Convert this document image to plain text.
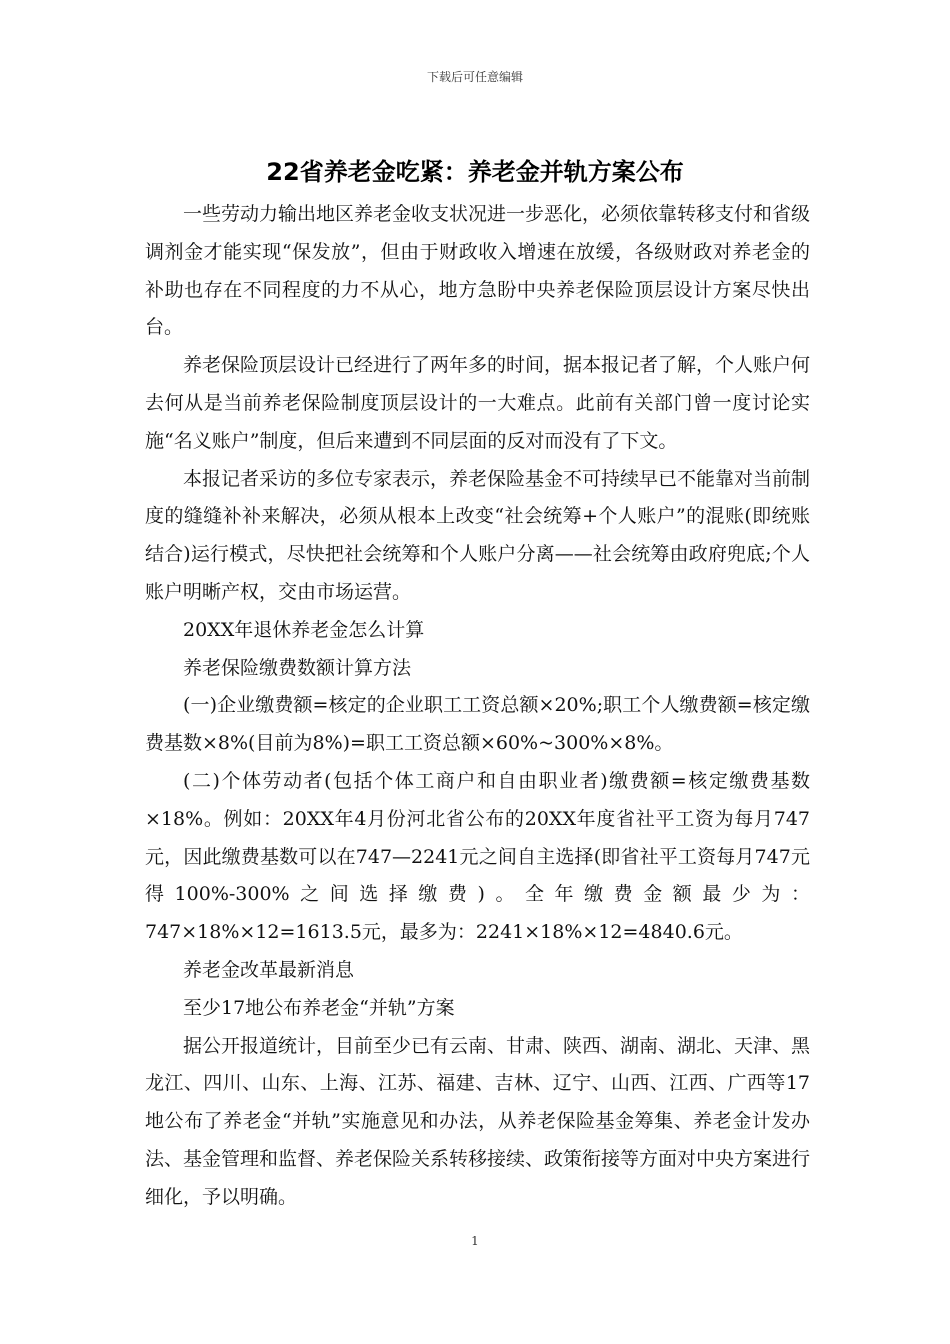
下载后可任意编辑
22省养老金吃紧：养老金并轨方案公布

一些劳动力输出地区养老金收支状况进一步恶化，必须依靠转移支付和省级调剂金才能实现“保发放”，但由于财政收入增速在放缓，各级财政对养老金的补助也存在不同程度的力不从心，地方急盼中央养老保险顶层设计方案尽快出台。

养老保险顶层设计已经进行了两年多的时间，据本报记者了解，个人账户何去何从是当前养老保险制度顶层设计的一大难点。此前有关部门曾一度讨论实施“名义账户”制度，但后来遭到不同层面的反对而没有了下文。

本报记者采访的多位专家表示，养老保险基金不可持续早已不能靠对当前制度的缝缝补补来解决，必须从根本上改变“社会统筹+个人账户”的混账(即统账结合)运行模式，尽快把社会统筹和个人账户分离——社会统筹由政府兜底;个人账户明晰产权，交由市场运营。

20XX年退休养老金怎么计算

养老保险缴费数额计算方法

(一)企业缴费额=核定的企业职工工资总额×20%;职工个人缴费额=核定缴费基数×8%(目前为8%)=职工工资总额×60%~300%×8%。

(二)个体劳动者(包括个体工商户和自由职业者)缴费额=核定缴费基数×18%。例如：20XX年4月份河北省公布的20XX年度省社平工资为每月747元，因此缴费基数可以在747—2241元之间自主选择(即省社平工资每月747元得100%-300%之间选择缴费)。全年缴费金额最少为：747×18%×12=1613.5元，最多为：2241×18%×12=4840.6元。

养老金改革最新消息

至少17地公布养老金“并轨”方案

据公开报道统计，目前至少已有云南、甘肃、陕西、湖南、湖北、天津、黑龙江、四川、山东、上海、江苏、福建、吉林、辽宁、山西、江西、广西等17地公布了养老金“并轨”实施意见和办法，从养老保险基金筹集、养老金计发办法、基金管理和监督、养老保险关系转移接续、政策衔接等方面对中央方案进行细化，予以明确。

1
